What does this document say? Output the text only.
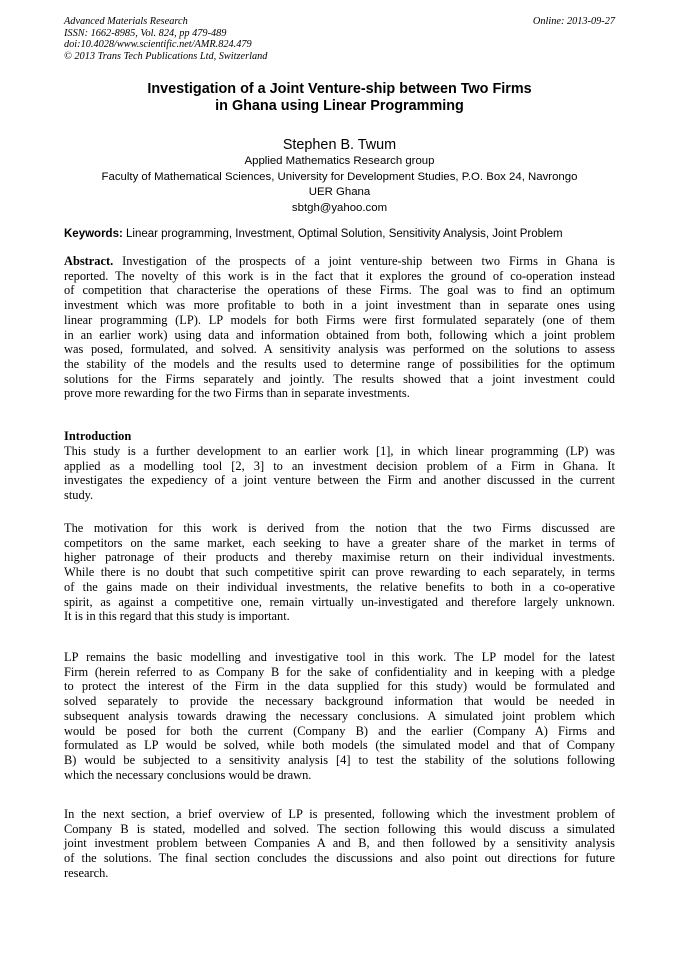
Advanced Materials Research
ISSN: 1662-8985, Vol. 824, pp 479-489
doi:10.4028/www.scientific.net/AMR.824.479
© 2013 Trans Tech Publications Ltd, Switzerland
Online: 2013-09-27
Investigation of a Joint Venture-ship between Two Firms
in Ghana using Linear Programming
Stephen B. Twum
Applied Mathematics Research group
Faculty of Mathematical Sciences, University for Development Studies, P.O. Box 24, Navrongo
UER Ghana
sbtgh@yahoo.com
Keywords: Linear programming, Investment, Optimal Solution, Sensitivity Analysis, Joint Problem
Abstract. Investigation of the prospects of a joint venture-ship between two Firms in Ghana is
reported. The novelty of this work is in the fact that it explores the ground of co-operation instead
of competition that characterise the operations of these Firms. The goal was to find an optimum
investment which was more profitable to both in a joint investment than in separate ones using
linear programming (LP). LP models for both Firms were first formulated separately (one of them
in an earlier work) using data and information obtained from both, following which a joint problem
was posed, formulated, and solved. A sensitivity analysis was performed on the solutions to assess
the stability of the models and the results used to determine range of possibilities for the optimum
solutions for the Firms separately and jointly. The results showed that a joint investment could
prove more rewarding for the two Firms than in separate investments.
Introduction
This study is a further development to an earlier work [1], in which linear programming (LP) was
applied as a modelling tool [2, 3] to an investment decision problem of a Firm in Ghana. It
investigates the expediency of a joint venture between the Firm and another discussed in the current
study.
The motivation for this work is derived from the notion that the two Firms discussed are
competitors on the same market, each seeking to have a greater share of the market in terms of
higher patronage of their products and thereby maximise return on their individual investments.
While there is no doubt that such competitive spirit can prove rewarding to each separately, in terms
of the gains made on their individual investments, the relative benefits to both in a co-operative
spirit, as against a competitive one, remain virtually un-investigated and therefore largely unknown.
It is in this regard that this study is important.
LP remains the basic modelling and investigative tool in this work. The LP model for the latest
Firm (herein referred to as Company B for the sake of confidentiality and in keeping with a pledge
to protect the interest of the Firm in the data supplied for this study) would be formulated and
solved separately to provide the necessary background information that would be needed in
subsequent analysis towards drawing the necessary conclusions. A simulated joint problem which
would be posed for both the current (Company B) and the earlier (Company A) Firms and
formulated as LP would be solved, while both models (the simulated model and that of Company
B) would be subjected to a sensitivity analysis [4] to test the stability of the solutions following
which the necessary conclusions would be drawn.
In the next section, a brief overview of LP is presented, following which the investment problem of
Company B is stated, modelled and solved. The section following this would discuss a simulated
joint investment problem between Companies A and B, and then followed by a sensitivity analysis
of the solutions. The final section concludes the discussions and also point out directions for future
research.
